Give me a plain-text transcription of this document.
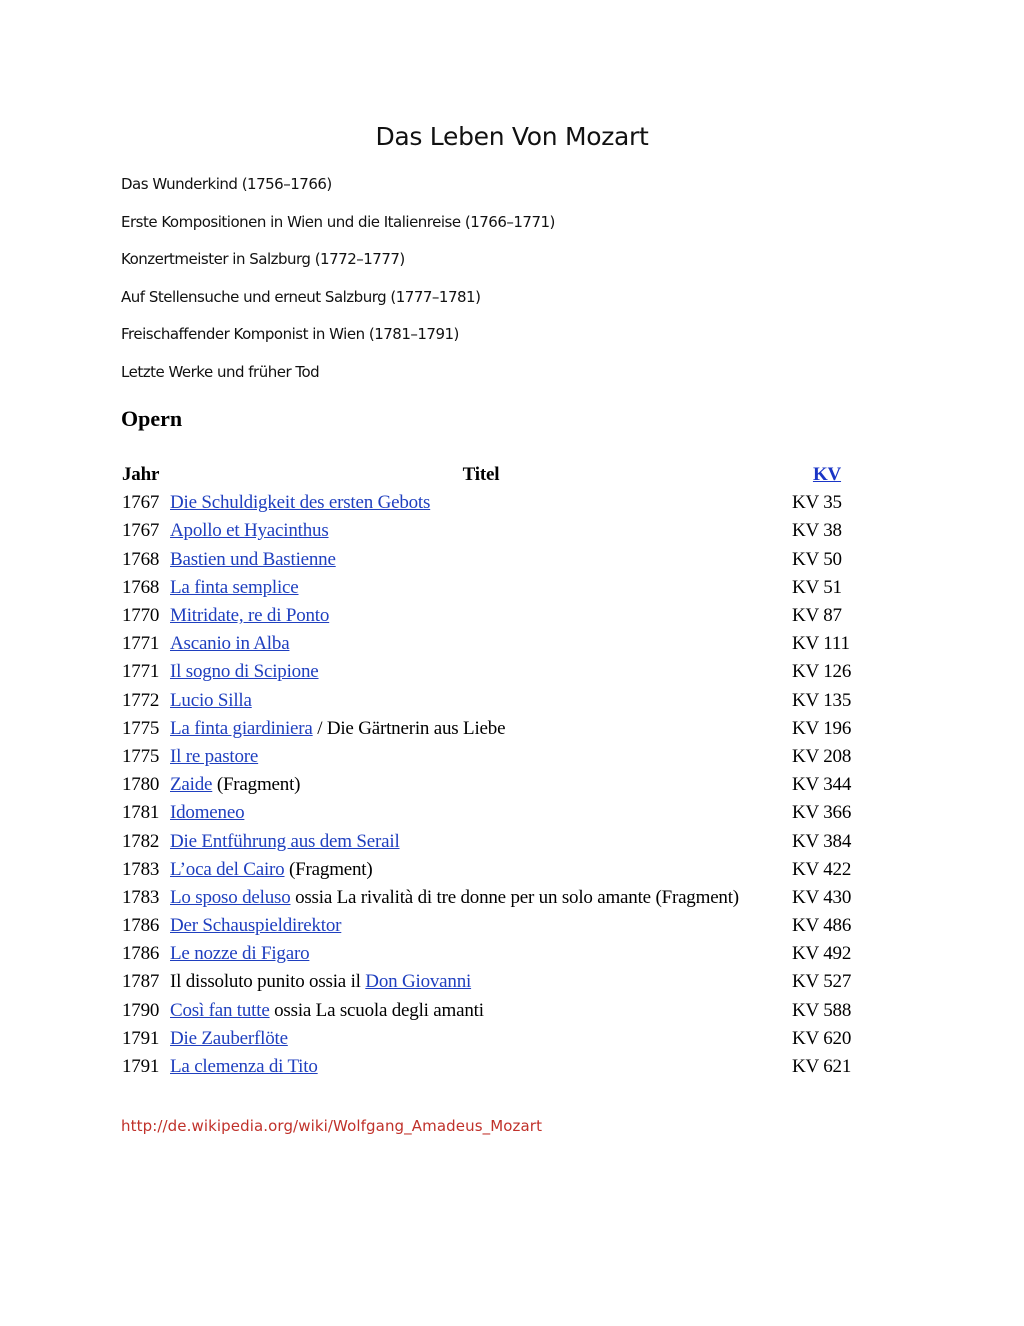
Das Leben Von Mozart
Das Wunderkind (1756–1766)
Erste Kompositionen in Wien und die Italienreise (1766–1771)
Konzertmeister in Salzburg (1772–1777)
Auf Stellensuche und erneut Salzburg (1777–1781)
Freischaffender Komponist in Wien (1781–1791)
Letzte Werke und früher Tod
Opern
Jahr	Titel	KV
1767	Die Schuldigkeit des ersten Gebots	KV 35
1767	Apollo et Hyacinthus	KV 38
1768	Bastien und Bastienne	KV 50
1768	La finta semplice	KV 51
1770	Mitridate, re di Ponto	KV 87
1771	Ascanio in Alba	KV 111
1771	Il sogno di Scipione	KV 126
1772	Lucio Silla	KV 135
1775	La finta giardiniera / Die Gärtnerin aus Liebe	KV 196
1775	Il re pastore	KV 208
1780	Zaide (Fragment)	KV 344
1781	Idomeneo	KV 366
1782	Die Entführung aus dem Serail	KV 384
1783	L’oca del Cairo (Fragment)	KV 422
1783	Lo sposo deluso ossia La rivalità di tre donne per un solo amante (Fragment)	KV 430
1786	Der Schauspieldirektor	KV 486
1786	Le nozze di Figaro	KV 492
1787	Il dissoluto punito ossia il Don Giovanni	KV 527
1790	Così fan tutte ossia La scuola degli amanti	KV 588
1791	Die Zauberflöte	KV 620
1791	La clemenza di Tito	KV 621
http://de.wikipedia.org/wiki/Wolfgang_Amadeus_Mozart
